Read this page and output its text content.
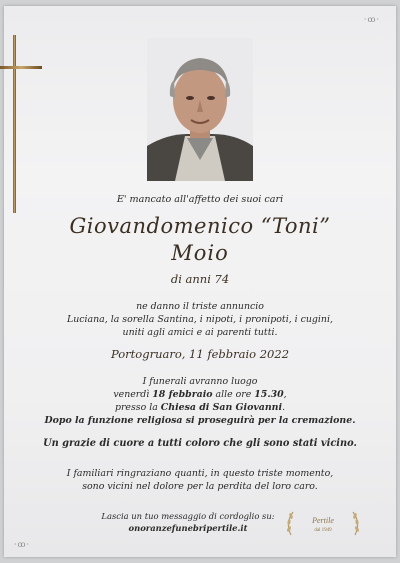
·ꝏ·
·ꝏ·
E' mancato all'affetto dei suoi cari
Giovandomenico “Toni”
Moio
di anni 74
ne danno il triste annuncio
Luciana, la sorella Santina, i nipoti, i pronipoti, i cugini,
uniti agli amici e ai parenti tutti.
Portogruaro, 11 febbraio 2022
I funerali avranno luogo
venerdì 18 febbraio alle ore 15.30,
presso la Chiesa di San Giovanni.
Dopo la funzione religiosa si proseguirà per la cremazione.
Un grazie di cuore a tutti coloro che gli sono stati vicino.
I familiari ringraziano quanti, in questo triste momento,
sono vicini nel dolore per la perdita del loro caro.
Lascia un tuo messaggio di cordoglio su:
onoranzefunebripertile.it
Pertile
dal 1949
